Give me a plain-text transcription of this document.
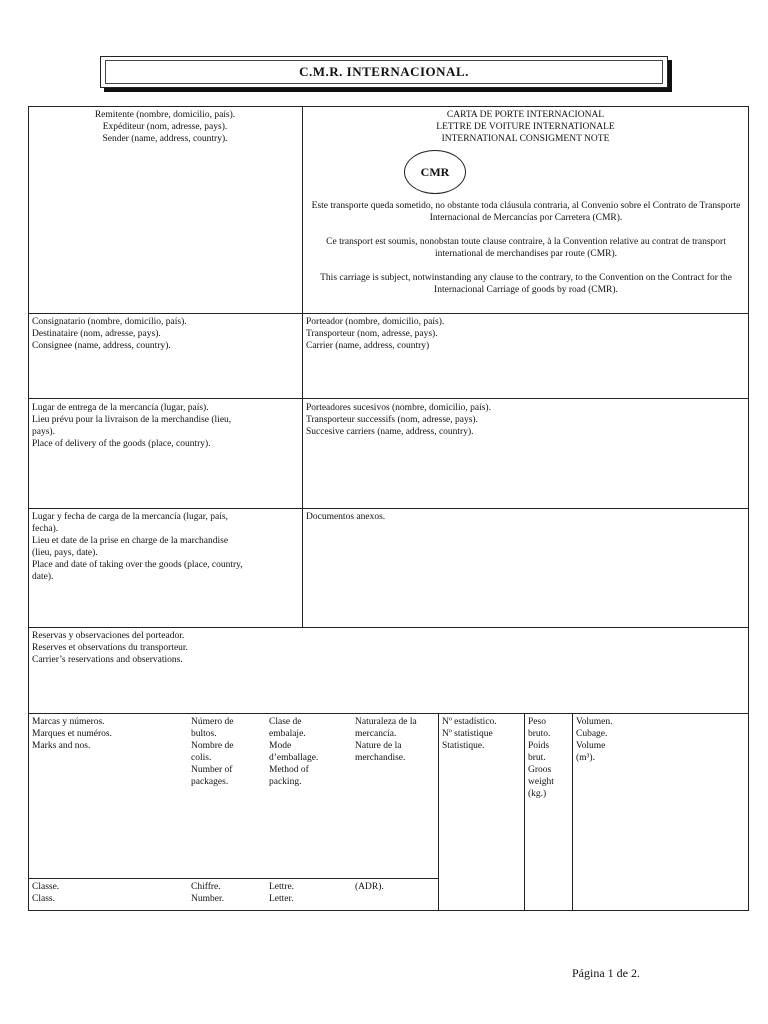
C.M.R. INTERNACIONAL.
Remitente (nombre, domicilio, país).
Expéditeur (nom, adresse, pays).
Sender (name, address, country).
CARTA DE PORTE INTERNACIONAL
LETTRE DE VOITURE INTERNATIONALE
INTERNATIONAL CONSIGMENT NOTE
CMR
Este transporte queda sometido, no obstante toda cláusula contraria, al Convenio sobre el Contrato de Transporte Internacional de Mercancías por Carretera (CMR).
Ce transport est soumis, nonobstan toute clause contraire, à la Convention relative au contrat de transport international de merchandises par route (CMR).
This carriage is subject, notwinstanding any clause to the contrary, to the Convention on the Contract for the Internacional Carriage of goods by road (CMR).
Consignatario (nombre, domicilio, país).
Destinataire (nom, adresse, pays).
Consignee (name, address, country).
Porteador (nombre, domicilio, país).
Transporteur (nom, adresse, pays).
Carrier (name, address, country)
Lugar de entrega de la mercancía (lugar, país).
Lieu prévu pour la livraison de la merchandise (lieu,
pays).
Place of delivery of the goods (place, country).
Porteadores sucesivos (nombre, domicilio, país).
Transporteur successifs (nom, adresse, pays).
Succesive carriers (name, address, country).
Lugar y fecha de carga de la mercancía (lugar, país,
fecha).
Lieu et date de la prise en charge de la marchandise
(lieu, pays, date).
Place and date of taking over the goods (place, country,
date).
Documentos anexos.
Reservas y observaciones del porteador.
Reserves et observations du transporteur.
Carrier’s reservations and observations.
Marcas y números.
Marques et numéros.
Marks and nos.
Número de
bultos.
Nombre de
colis.
Number of
packages.
Clase de
embalaje.
Mode
d’emballage.
Method of
packing.
Naturaleza de la
mercancía.
Nature de la
merchandise.
Nº estadístico.
Nº statistique
Statistique.
Peso
bruto.
Poids
brut.
Groos
weight
(kg.)
Volumen.
Cubage.
Volume
(m³).
Classe.
Class.
Chiffre.
Number.
Lettre.
Letter.
(ADR).
Página 1 de 2.
